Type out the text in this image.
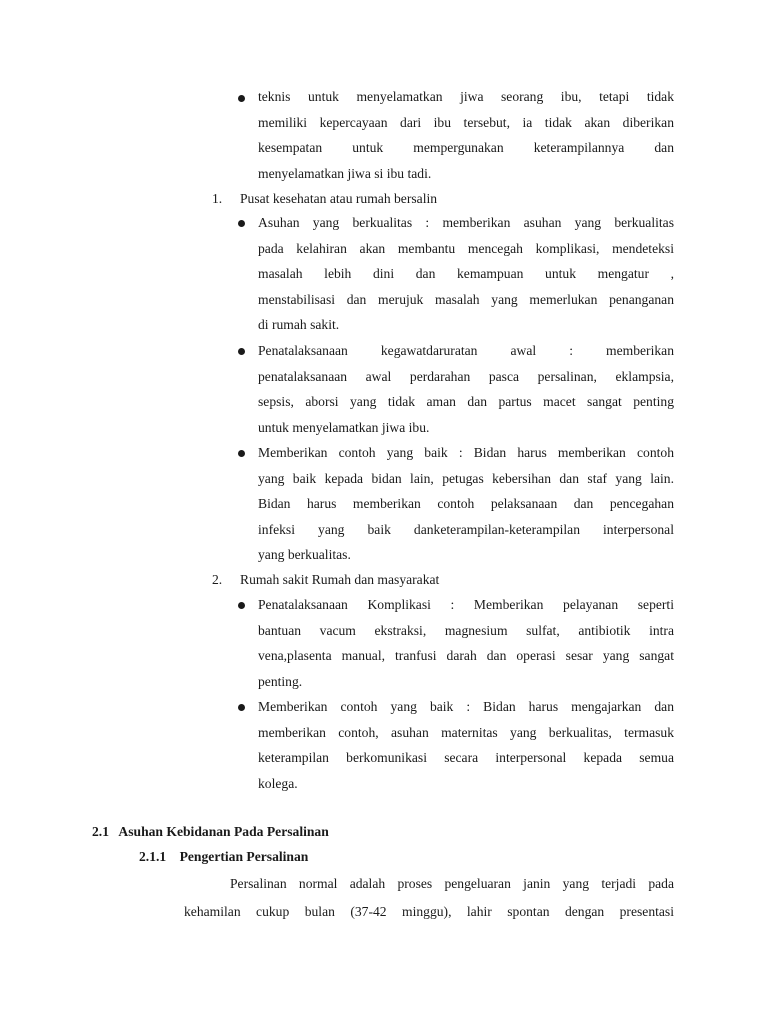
teknis untuk menyelamatkan jiwa seorang ibu, tetapi tidak
memiliki kepercayaan dari ibu tersebut, ia tidak akan diberikan
kesempatan untuk mempergunakan keterampilannya dan
menyelamatkan jiwa si ibu tadi.
1. Pusat kesehatan atau rumah bersalin
Asuhan yang berkualitas : memberikan asuhan yang berkualitas
pada kelahiran akan membantu mencegah komplikasi, mendeteksi
masalah lebih dini dan kemampuan untuk mengatur ,
menstabilisasi dan merujuk masalah yang memerlukan penanganan
di rumah sakit.
Penatalaksanaan kegawatdaruratan awal : memberikan
penatalaksanaan awal perdarahan pasca persalinan, eklampsia,
sepsis, aborsi yang tidak aman dan partus macet sangat penting
untuk menyelamatkan jiwa ibu.
Memberikan contoh yang baik : Bidan harus memberikan contoh
yang baik kepada bidan lain, petugas kebersihan dan staf yang lain.
Bidan harus memberikan contoh pelaksanaan dan pencegahan
infeksi yang baik danketerampilan-keterampilan interpersonal
yang berkualitas.
2. Rumah sakit Rumah dan masyarakat
Penatalaksanaan Komplikasi : Memberikan pelayanan seperti
bantuan vacum ekstraksi, magnesium sulfat, antibiotik intra
vena,plasenta manual, tranfusi darah dan operasi sesar yang sangat
penting.
Memberikan contoh yang baik : Bidan harus mengajarkan dan
memberikan contoh, asuhan maternitas yang berkualitas, termasuk
keterampilan berkomunikasi secara interpersonal kepada semua
kolega.
2.1 Asuhan Kebidanan Pada Persalinan
2.1.1 Pengertian Persalinan
Persalinan normal adalah proses pengeluaran janin yang terjadi pada
kehamilan cukup bulan (37-42 minggu), lahir spontan dengan presentasi
